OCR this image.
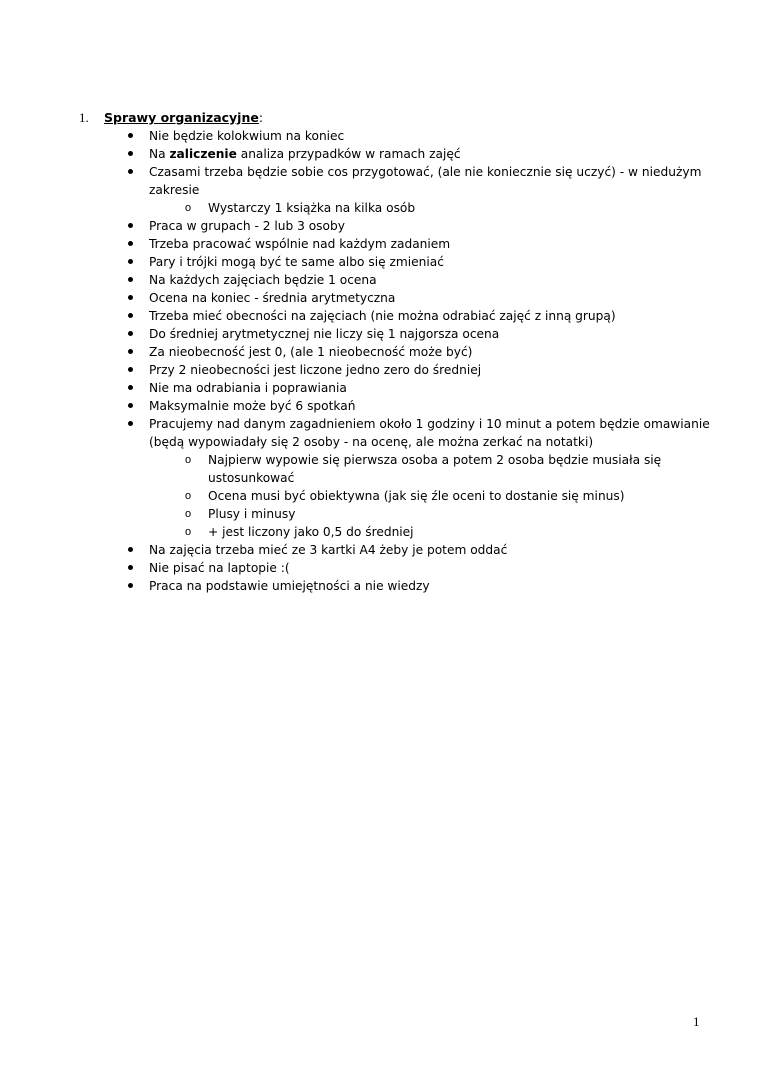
1. Sprawy organizacyjne:
Nie będzie kolokwium na koniec
Na zaliczenie analiza przypadków w ramach zajęć
Czasami trzeba będzie sobie cos przygotować, (ale nie koniecznie się uczyć) - w niedużym
zakresie
o Wystarczy 1 książka na kilka osób
Praca w grupach - 2 lub 3 osoby
Trzeba pracować wspólnie nad każdym zadaniem
Pary i trójki mogą być te same albo się zmieniać
Na każdych zajęciach będzie 1 ocena
Ocena na koniec - średnia arytmetyczna
Trzeba mieć obecności na zajęciach (nie można odrabiać zajęć z inną grupą)
Do średniej arytmetycznej nie liczy się 1 najgorsza ocena
Za nieobecność jest 0, (ale 1 nieobecność może być)
Przy 2 nieobecności jest liczone jedno zero do średniej
Nie ma odrabiania i poprawiania
Maksymalnie może być 6 spotkań
Pracujemy nad danym zagadnieniem około 1 godziny i 10 minut a potem będzie omawianie
(będą wypowiadały się 2 osoby - na ocenę, ale można zerkać na notatki)
o Najpierw wypowie się pierwsza osoba a potem 2 osoba będzie musiała się
ustosunkować
o Ocena musi być obiektywna (jak się źle oceni to dostanie się minus)
o Plusy i minusy
o + jest liczony jako 0,5 do średniej
Na zajęcia trzeba mieć ze 3 kartki A4 żeby je potem oddać
Nie pisać na laptopie :(
Praca na podstawie umiejętności a nie wiedzy
1
